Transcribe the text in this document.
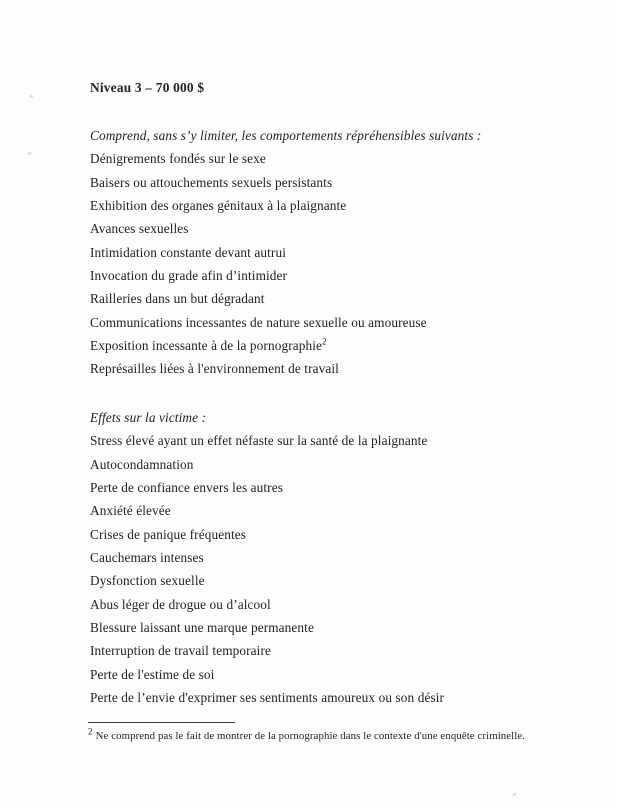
Niveau 3 – 70 000 $
Comprend, sans s’y limiter, les comportements répréhensibles suivants :
Dénigrements fondés sur le sexe
Baisers ou attouchements sexuels persistants
Exhibition des organes génitaux à la plaignante
Avances sexuelles
Intimidation constante devant autrui
Invocation du grade afin d’intimider
Railleries dans un but dégradant
Communications incessantes de nature sexuelle ou amoureuse
Exposition incessante à de la pornographie$^2$
Représailles liées à l'environnement de travail
Effets sur la victime :
Stress élevé ayant un effet néfaste sur la santé de la plaignante
Autocondamnation
Perte de confiance envers les autres
Anxiété élevée
Crises de panique fréquentes
Cauchemars intenses
Dysfonction sexuelle
Abus léger de drogue ou d’alcool
Blessure laissant une marque permanente
Interruption de travail temporaire
Perte de l'estime de soi
Perte de l’envie d'exprimer ses sentiments amoureux ou son désir
$^2$ Ne comprend pas le fait de montrer de la pornographie dans le contexte d'une enquête criminelle.
